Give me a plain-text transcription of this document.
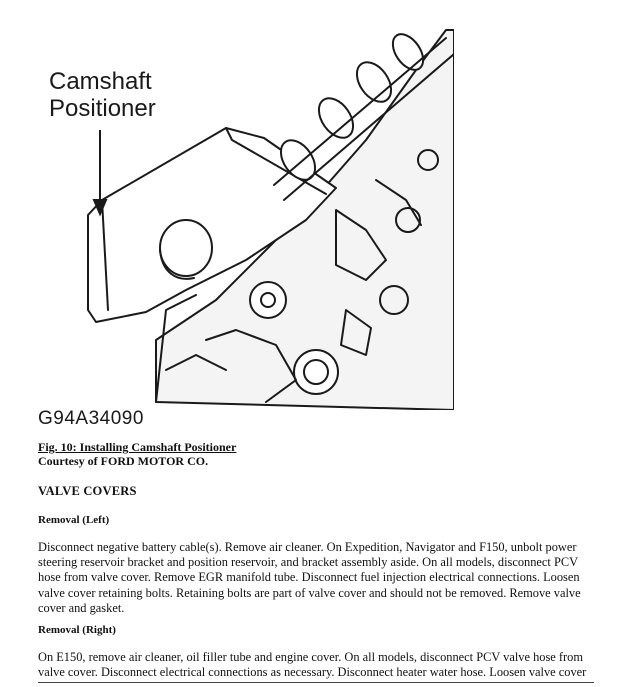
Camshaft
Positioner
G94A34090
Fig. 10: Installing Camshaft Positioner
Courtesy of FORD MOTOR CO.
VALVE COVERS
Removal (Left)
Disconnect negative battery cable(s). Remove air cleaner. On Expedition, Navigator and F150, unbolt power steering reservoir bracket and position reservoir, and bracket assembly aside. On all models, disconnect PCV hose from valve cover. Remove EGR manifold tube. Disconnect fuel injection electrical connections. Loosen valve cover retaining bolts. Retaining bolts are part of valve cover and should not be removed. Remove valve cover and gasket.
Removal (Right)
On E150, remove air cleaner, oil filler tube and engine cover. On all models, disconnect PCV valve hose from valve cover. Disconnect electrical connections as necessary. Disconnect heater water hose. Loosen valve cover
